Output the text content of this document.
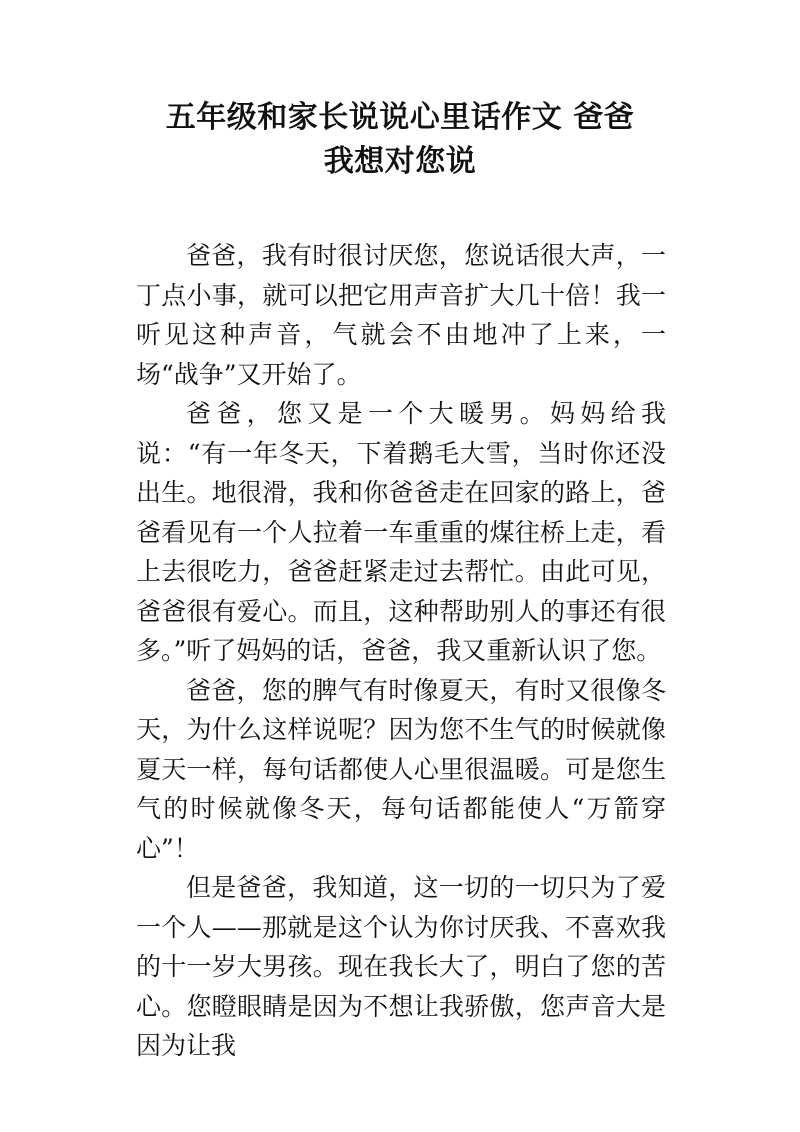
五年级和家长说说心里话作文 爸爸
我想对您说

爸爸，我有时很讨厌您，您说话很大声，一丁点小事，就可以把它用声音扩大几十倍！我一听见这种声音，气就会不由地冲了上来，一场“战争”又开始了。

爸爸，您又是一个大暖男。妈妈给我说：“有一年冬天，下着鹅毛大雪，当时你还没出生。地很滑，我和你爸爸走在回家的路上，爸爸看见有一个人拉着一车重重的煤往桥上走，看上去很吃力，爸爸赶紧走过去帮忙。由此可见，爸爸很有爱心。而且，这种帮助别人的事还有很多。”听了妈妈的话，爸爸，我又重新认识了您。

爸爸，您的脾气有时像夏天，有时又很像冬天，为什么这样说呢？因为您不生气的时候就像夏天一样，每句话都使人心里很温暖。可是您生气的时候就像冬天，每句话都能使人“万箭穿心”！

但是爸爸，我知道，这一切的一切只为了爱一个人——那就是这个认为你讨厌我、不喜欢我的十一岁大男孩。现在我长大了，明白了您的苦心。您瞪眼睛是因为不想让我骄傲，您声音大是因为让我
